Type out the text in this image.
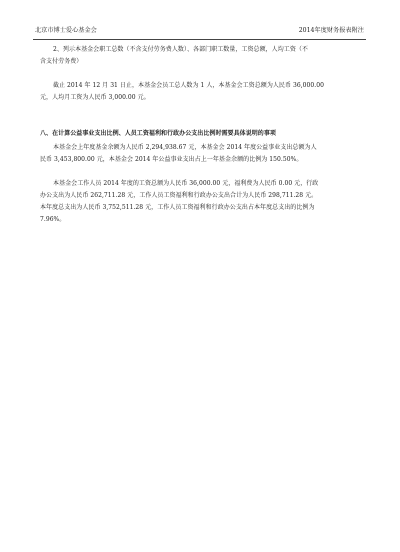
北京市博士爱心基金会	2014年度财务报表附注
2、列示本基金会职工总数（不含支付劳务费人数）、各部门职工数量，工资总额，人均工资（不
含支付劳务费）
截止 2014 年 12 月 31 日止，本基金会员工总人数为 1 人，本基金会工资总额为人民币 36,000.00
元，人均月工资为人民币 3,000.00 元。
八、在计算公益事业支出比例、人员工资福利和行政办公支出比例时需要具体说明的事项
本基金会上年度基金余额为人民币 2,294,938.67 元，本基金会 2014 年度公益事业支出总额为人
民币 3,453,800.00 元，本基金会 2014 年公益事业支出占上一年基金余额的比例为 150.50%。
本基金会工作人员 2014 年度的工资总额为人民币 36,000.00 元，福利费为人民币 0.00 元，行政
办公支出为人民币 262,711.28 元，工作人员工资福利和行政办公支出合计为人民币 298,711.28 元。
本年度总支出为人民币 3,752,511.28 元，工作人员工资福利和行政办公支出占本年度总支出的比例为
7.96%。
